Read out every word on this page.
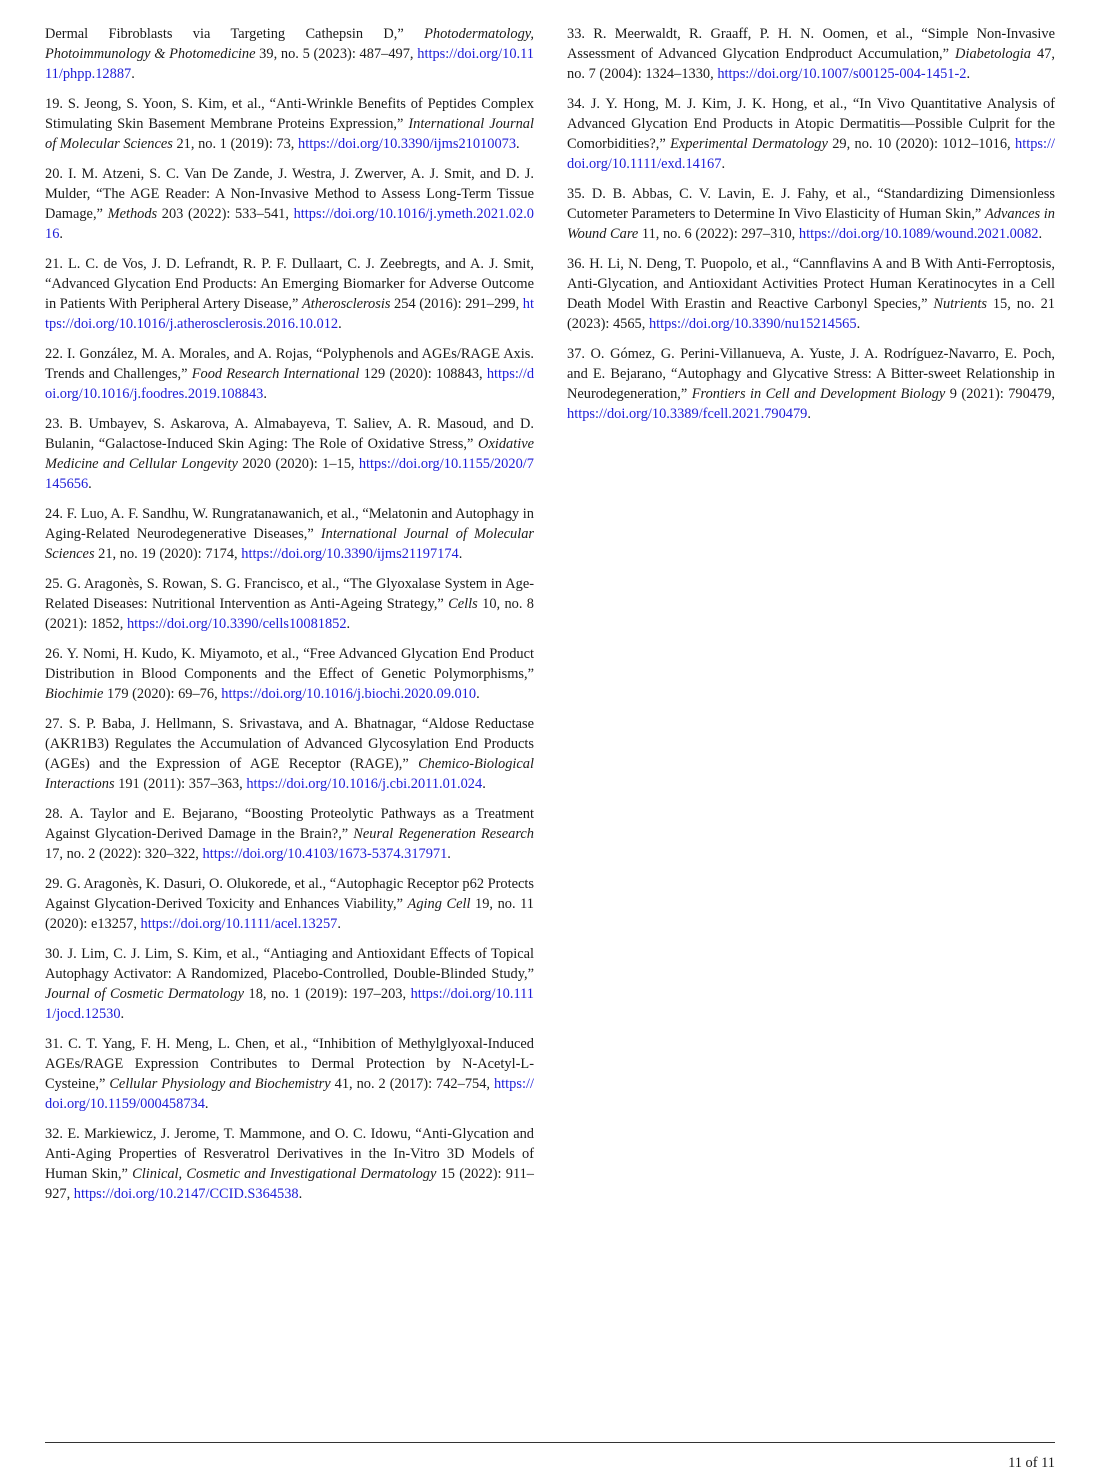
Dermal Fibroblasts via Targeting Cathepsin D,” Photodermatology, Photoimmunology & Photomedicine 39, no. 5 (2023): 487–497, https://doi.org/10.1111/phpp.12887.

19. S. Jeong, S. Yoon, S. Kim, et al., “Anti-Wrinkle Benefits of Peptides Complex Stimulating Skin Basement Membrane Proteins Expression,” International Journal of Molecular Sciences 21, no. 1 (2019): 73, https://doi.org/10.3390/ijms21010073.

20. I. M. Atzeni, S. C. Van De Zande, J. Westra, J. Zwerver, A. J. Smit, and D. J. Mulder, “The AGE Reader: A Non-Invasive Method to Assess Long-Term Tissue Damage,” Methods 203 (2022): 533–541, https://doi.org/10.1016/j.ymeth.2021.02.016.

21. L. C. de Vos, J. D. Lefrandt, R. P. F. Dullaart, C. J. Zeebregts, and A. J. Smit, “Advanced Glycation End Products: An Emerging Biomarker for Adverse Outcome in Patients With Peripheral Artery Disease,” Atherosclerosis 254 (2016): 291–299, https://doi.org/10.1016/j.atherosclerosis.2016.10.012.

22. I. González, M. A. Morales, and A. Rojas, “Polyphenols and AGEs/RAGE Axis. Trends and Challenges,” Food Research International 129 (2020): 108843, https://doi.org/10.1016/j.foodres.2019.108843.

23. B. Umbayev, S. Askarova, A. Almabayeva, T. Saliev, A. R. Masoud, and D. Bulanin, “Galactose-Induced Skin Aging: The Role of Oxidative Stress,” Oxidative Medicine and Cellular Longevity 2020 (2020): 1–15, https://doi.org/10.1155/2020/7145656.

24. F. Luo, A. F. Sandhu, W. Rungratanawanich, et al., “Melatonin and Autophagy in Aging-Related Neurodegenerative Diseases,” International Journal of Molecular Sciences 21, no. 19 (2020): 7174, https://doi.org/10.3390/ijms21197174.

25. G. Aragonès, S. Rowan, S. G. Francisco, et al., “The Glyoxalase System in Age-Related Diseases: Nutritional Intervention as Anti-Ageing Strategy,” Cells 10, no. 8 (2021): 1852, https://doi.org/10.3390/cells10081852.

26. Y. Nomi, H. Kudo, K. Miyamoto, et al., “Free Advanced Glycation End Product Distribution in Blood Components and the Effect of Genetic Polymorphisms,” Biochimie 179 (2020): 69–76, https://doi.org/10.1016/j.biochi.2020.09.010.

27. S. P. Baba, J. Hellmann, S. Srivastava, and A. Bhatnagar, “Aldose Reductase (AKR1B3) Regulates the Accumulation of Advanced Glycosylation End Products (AGEs) and the Expression of AGE Receptor (RAGE),” Chemico-Biological Interactions 191 (2011): 357–363, https://doi.org/10.1016/j.cbi.2011.01.024.

28. A. Taylor and E. Bejarano, “Boosting Proteolytic Pathways as a Treatment Against Glycation-Derived Damage in the Brain?,” Neural Regeneration Research 17, no. 2 (2022): 320–322, https://doi.org/10.4103/1673-5374.317971.

29. G. Aragonès, K. Dasuri, O. Olukorede, et al., “Autophagic Receptor p62 Protects Against Glycation-Derived Toxicity and Enhances Viability,” Aging Cell 19, no. 11 (2020): e13257, https://doi.org/10.1111/acel.13257.

30. J. Lim, C. J. Lim, S. Kim, et al., “Antiaging and Antioxidant Effects of Topical Autophagy Activator: A Randomized, Placebo-Controlled, Double-Blinded Study,” Journal of Cosmetic Dermatology 18, no. 1 (2019): 197–203, https://doi.org/10.1111/jocd.12530.

31. C. T. Yang, F. H. Meng, L. Chen, et al., “Inhibition of Methylglyoxal-Induced AGEs/RAGE Expression Contributes to Dermal Protection by N-Acetyl-L-Cysteine,” Cellular Physiology and Biochemistry 41, no. 2 (2017): 742–754, https://doi.org/10.1159/000458734.

32. E. Markiewicz, J. Jerome, T. Mammone, and O. C. Idowu, “Anti-Glycation and Anti-Aging Properties of Resveratrol Derivatives in the In-Vitro 3D Models of Human Skin,” Clinical, Cosmetic and Investigational Dermatology 15 (2022): 911–927, https://doi.org/10.2147/CCID.S364538.

33. R. Meerwaldt, R. Graaff, P. H. N. Oomen, et al., “Simple Non-Invasive Assessment of Advanced Glycation Endproduct Accumulation,” Diabetologia 47, no. 7 (2004): 1324–1330, https://doi.org/10.1007/s00125-004-1451-2.

34. J. Y. Hong, M. J. Kim, J. K. Hong, et al., “In Vivo Quantitative Analysis of Advanced Glycation End Products in Atopic Dermatitis—Possible Culprit for the Comorbidities?,” Experimental Dermatology 29, no. 10 (2020): 1012–1016, https://doi.org/10.1111/exd.14167.

35. D. B. Abbas, C. V. Lavin, E. J. Fahy, et al., “Standardizing Dimensionless Cutometer Parameters to Determine In Vivo Elasticity of Human Skin,” Advances in Wound Care 11, no. 6 (2022): 297–310, https://doi.org/10.1089/wound.2021.0082.

36. H. Li, N. Deng, T. Puopolo, et al., “Cannflavins A and B With Anti-Ferroptosis, Anti-Glycation, and Antioxidant Activities Protect Human Keratinocytes in a Cell Death Model With Erastin and Reactive Carbonyl Species,” Nutrients 15, no. 21 (2023): 4565, https://doi.org/10.3390/nu15214565.

37. O. Gómez, G. Perini-Villanueva, A. Yuste, J. A. Rodríguez-Navarro, E. Poch, and E. Bejarano, “Autophagy and Glycative Stress: A Bitter-sweet Relationship in Neurodegeneration,” Frontiers in Cell and Development Biology 9 (2021): 790479, https://doi.org/10.3389/fcell.2021.790479.

11 of 11
